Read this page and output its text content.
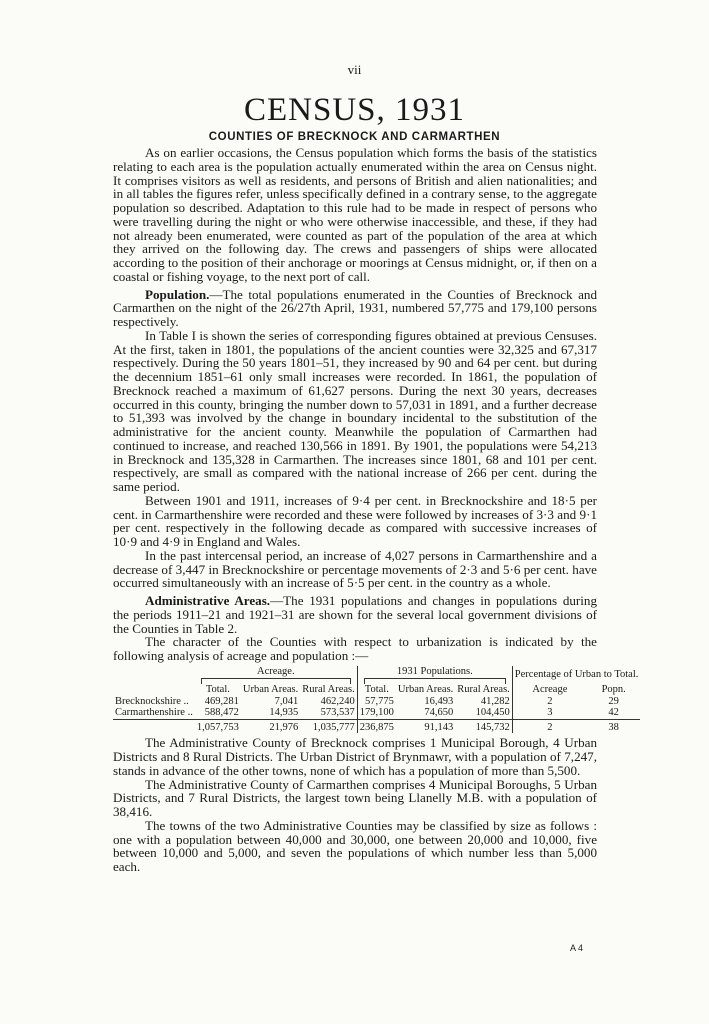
vii
CENSUS, 1931
COUNTIES OF BRECKNOCK AND CARMARTHEN

As on earlier occasions, the Census population which forms the basis of the statistics relating to each area is the population actually enumerated within the area on Census night. It comprises visitors as well as residents, and persons of British and alien nationalities; and in all tables the figures refer, unless specifically defined in a contrary sense, to the aggregate population so described. Adaptation to this rule had to be made in respect of persons who were travelling during the night or who were otherwise inaccessible, and these, if they had not already been enumerated, were counted as part of the population of the area at which they arrived on the following day. The crews and passengers of ships were allocated according to the position of their anchorage or moorings at Census midnight, or, if then on a coastal or fishing voyage, to the next port of call.

Population.—The total populations enumerated in the Counties of Brecknock and Carmarthen on the night of the 26/27th April, 1931, numbered 57,775 and 179,100 persons respectively.

In Table I is shown the series of corresponding figures obtained at previous Censuses. At the first, taken in 1801, the populations of the ancient counties were 32,325 and 67,317 respectively. During the 50 years 1801–51, they increased by 90 and 64 per cent. but during the decennium 1851–61 only small increases were recorded. In 1861, the population of Brecknock reached a maximum of 61,627 persons. During the next 30 years, decreases occurred in this county, bringing the number down to 57,031 in 1891, and a further decrease to 51,393 was involved by the change in boundary incidental to the substitution of the administrative for the ancient county. Meanwhile the population of Carmarthen had continued to increase, and reached 130,566 in 1891. By 1901, the populations were 54,213 in Brecknock and 135,328 in Carmarthen. The increases since 1801, 68 and 101 per cent. respectively, are small as compared with the national increase of 266 per cent. during the same period.

Between 1901 and 1911, increases of 9·4 per cent. in Brecknockshire and 18·5 per cent. in Carmarthenshire were recorded and these were followed by increases of 3·3 and 9·1 per cent. respectively in the following decade as compared with successive increases of 10·9 and 4·9 in England and Wales.

In the past intercensal period, an increase of 4,027 persons in Carmarthenshire and a decrease of 3,447 in Brecknockshire or percentage movements of 2·3 and 5·6 per cent. have occurred simultaneously with an increase of 5·5 per cent. in the country as a whole.

Administrative Areas.—The 1931 populations and changes in populations during the periods 1911–21 and 1921–31 are shown for the several local government divisions of the Counties in Table 2.

The character of the Counties with respect to urbanization is indicated by the following analysis of acreage and population :—

	Acreage.			1931 Populations.			Percentage of Urban to Total.	
	Total.	Urban Areas.	Rural Areas.	Total.	Urban Areas.	Rural Areas.	Acreage	Popn.
Brecknockshire ..	469,281	7,041	462,240	57,775	16,493	41,282	2	29
Carmarthenshire ..	588,472	14,935	573,537	179,100	74,650	104,450	3	42
	1,057,753	21,976	1,035,777	236,875	91,143	145,732	2	38

The Administrative County of Brecknock comprises 1 Municipal Borough, 4 Urban Districts and 8 Rural Districts. The Urban District of Brynmawr, with a population of 7,247, stands in advance of the other towns, none of which has a population of more than 5,500.

The Administrative County of Carmarthen comprises 4 Municipal Boroughs, 5 Urban Districts, and 7 Rural Districts, the largest town being Llanelly M.B. with a population of 38,416.

The towns of the two Administrative Counties may be classified by size as follows : one with a population between 40,000 and 30,000, one between 20,000 and 10,000, five between 10,000 and 5,000, and seven the populations of which number less than 5,000 each.

A 4
